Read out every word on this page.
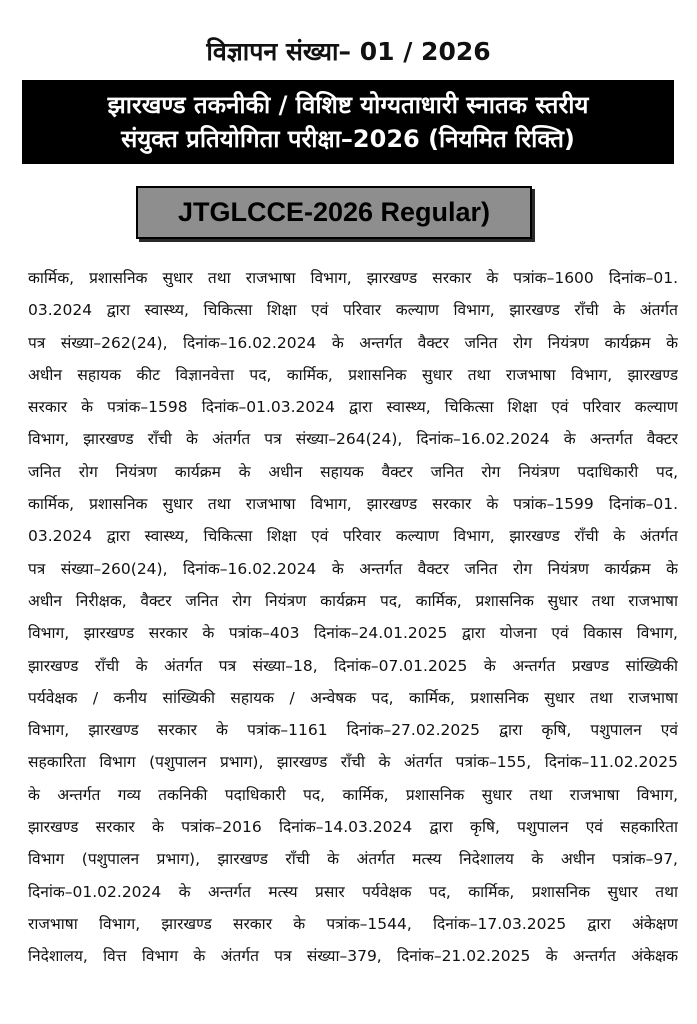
विज्ञापन संख्या– 01 / 2026
झारखण्ड तकनीकी / विशिष्ट योग्यताधारी स्नातक स्तरीय
संयुक्त प्रतियोगिता परीक्षा–2026 (नियमित रिक्ति)
JTGLCCE-2026 Regular)
कार्मिक, प्रशासनिक सुधार तथा राजभाषा विभाग, झारखण्ड सरकार के पत्रांक–1600 दिनांक–01.
03.2024 द्वारा स्वास्थ्य, चिकित्सा शिक्षा एवं परिवार कल्याण विभाग, झारखण्ड राँची के अंतर्गत
पत्र संख्या–262(24), दिनांक–16.02.2024 के अन्तर्गत वैक्टर जनित रोग नियंत्रण कार्यक्रम के
अधीन सहायक कीट विज्ञानवेत्ता पद, कार्मिक, प्रशासनिक सुधार तथा राजभाषा विभाग, झारखण्ड
सरकार के पत्रांक–1598 दिनांक–01.03.2024 द्वारा स्वास्थ्य, चिकित्सा शिक्षा एवं परिवार कल्याण
विभाग, झारखण्ड राँची के अंतर्गत पत्र संख्या–264(24), दिनांक–16.02.2024 के अन्तर्गत वैक्टर
जनित रोग नियंत्रण कार्यक्रम के अधीन सहायक वैक्टर जनित रोग नियंत्रण पदाधिकारी पद,
कार्मिक, प्रशासनिक सुधार तथा राजभाषा विभाग, झारखण्ड सरकार के पत्रांक–1599 दिनांक–01.
03.2024 द्वारा स्वास्थ्य, चिकित्सा शिक्षा एवं परिवार कल्याण विभाग, झारखण्ड राँची के अंतर्गत
पत्र संख्या–260(24), दिनांक–16.02.2024 के अन्तर्गत वैक्टर जनित रोग नियंत्रण कार्यक्रम के
अधीन निरीक्षक, वैक्टर जनित रोग नियंत्रण कार्यक्रम पद, कार्मिक, प्रशासनिक सुधार तथा राजभाषा
विभाग, झारखण्ड सरकार के पत्रांक–403 दिनांक–24.01.2025 द्वारा योजना एवं विकास विभाग,
झारखण्ड राँची के अंतर्गत पत्र संख्या–18, दिनांक–07.01.2025 के अन्तर्गत प्रखण्ड सांख्यिकी
पर्यवेक्षक / कनीय सांख्यिकी सहायक / अन्वेषक पद, कार्मिक, प्रशासनिक सुधार तथा राजभाषा
विभाग, झारखण्ड सरकार के पत्रांक–1161 दिनांक–27.02.2025 द्वारा कृषि, पशुपालन एवं
सहकारिता विभाग (पशुपालन प्रभाग), झारखण्ड राँची के अंतर्गत पत्रांक–155, दिनांक–11.02.2025
के अन्तर्गत गव्य तकनिकी पदाधिकारी पद, कार्मिक, प्रशासनिक सुधार तथा राजभाषा विभाग,
झारखण्ड सरकार के पत्रांक–2016 दिनांक–14.03.2024 द्वारा कृषि, पशुपालन एवं सहकारिता
विभाग (पशुपालन प्रभाग), झारखण्ड राँची के अंतर्गत मत्स्य निदेशालय के अधीन पत्रांक–97,
दिनांक–01.02.2024 के अन्तर्गत मत्स्य प्रसार पर्यवेक्षक पद, कार्मिक, प्रशासनिक सुधार तथा
राजभाषा विभाग, झारखण्ड सरकार के पत्रांक–1544, दिनांक–17.03.2025 द्वारा अंकेक्षण
निदेशालय, वित्त विभाग के अंतर्गत पत्र संख्या–379, दिनांक–21.02.2025 के अन्तर्गत अंकेक्षक
